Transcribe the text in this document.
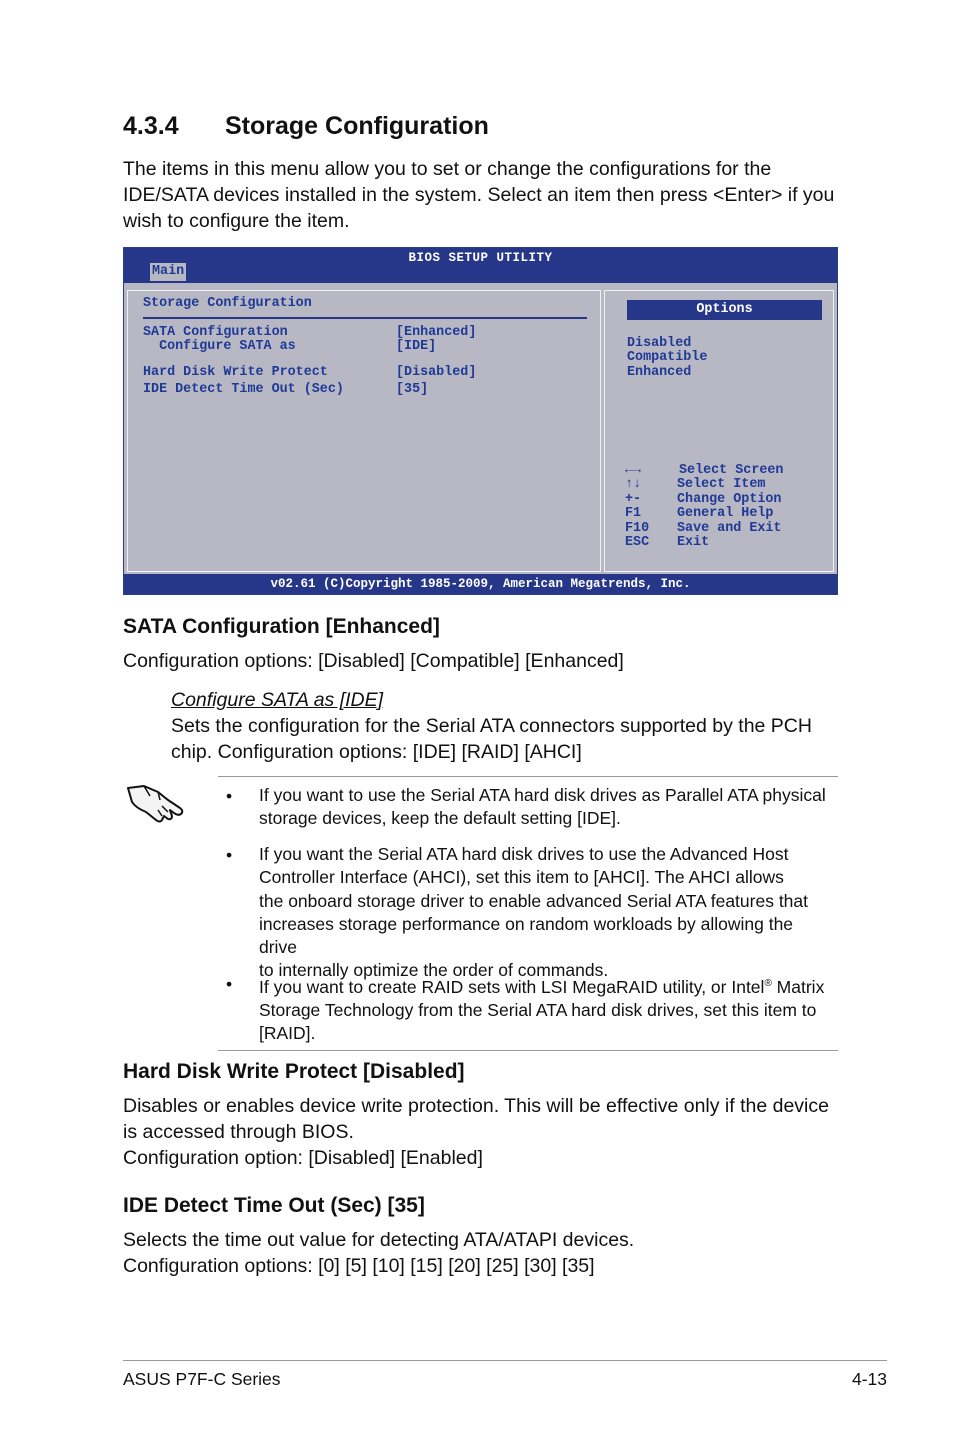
4.3.4 Storage Configuration

The items in this menu allow you to set or change the configurations for the

IDE/SATA devices installed in the system. Select an item then press <Enter> if you

wish to configure the item.

BIOS SETUP UTILITY
Main
Storage Configuration
SATA Configuration	[Enhanced]
Configure SATA as	[IDE]
Hard Disk Write Protect	[Disabled]
IDE Detect Time Out (Sec)	[35]
Options
Disabled
Compatible
Enhanced
←→	Select Screen
↑↓	Select Item
+-	Change Option
F1	General Help
F10 Save and Exit
ESC Exit
v02.61 (C)Copyright 1985-2009, American Megatrends, Inc.
SATA Configuration [Enhanced]

Configuration options: [Disabled] [Compatible] [Enhanced]

Configure SATA as [IDE]

Sets the configuration for the Serial ATA connectors supported by the PCH

chip. Configuration options: [IDE] [RAID] [AHCI]

• If you want to use the Serial ATA hard disk drives as Parallel ATA physical
storage devices, keep the default setting [IDE].

• If you want the Serial ATA hard disk drives to use the Advanced Host
Controller Interface (AHCI), set this item to [AHCI]. The AHCI allows
the onboard storage driver to enable advanced Serial ATA features that
increases storage performance on random workloads by allowing the drive
to internally optimize the order of commands.

• If you want to create RAID sets with LSI MegaRAID utility, or Intel® Matrix
Storage Technology from the Serial ATA hard disk drives, set this item to
[RAID].

Hard Disk Write Protect [Disabled]

Disables or enables device write protection. This will be effective only if the device

is accessed through BIOS.

Configuration option: [Disabled] [Enabled]

IDE Detect Time Out (Sec) [35]

Selects the time out value for detecting ATA/ATAPI devices.

Configuration options: [0] [5] [10] [15] [20] [25] [30] [35]

ASUS P7F-C Series	4-13
